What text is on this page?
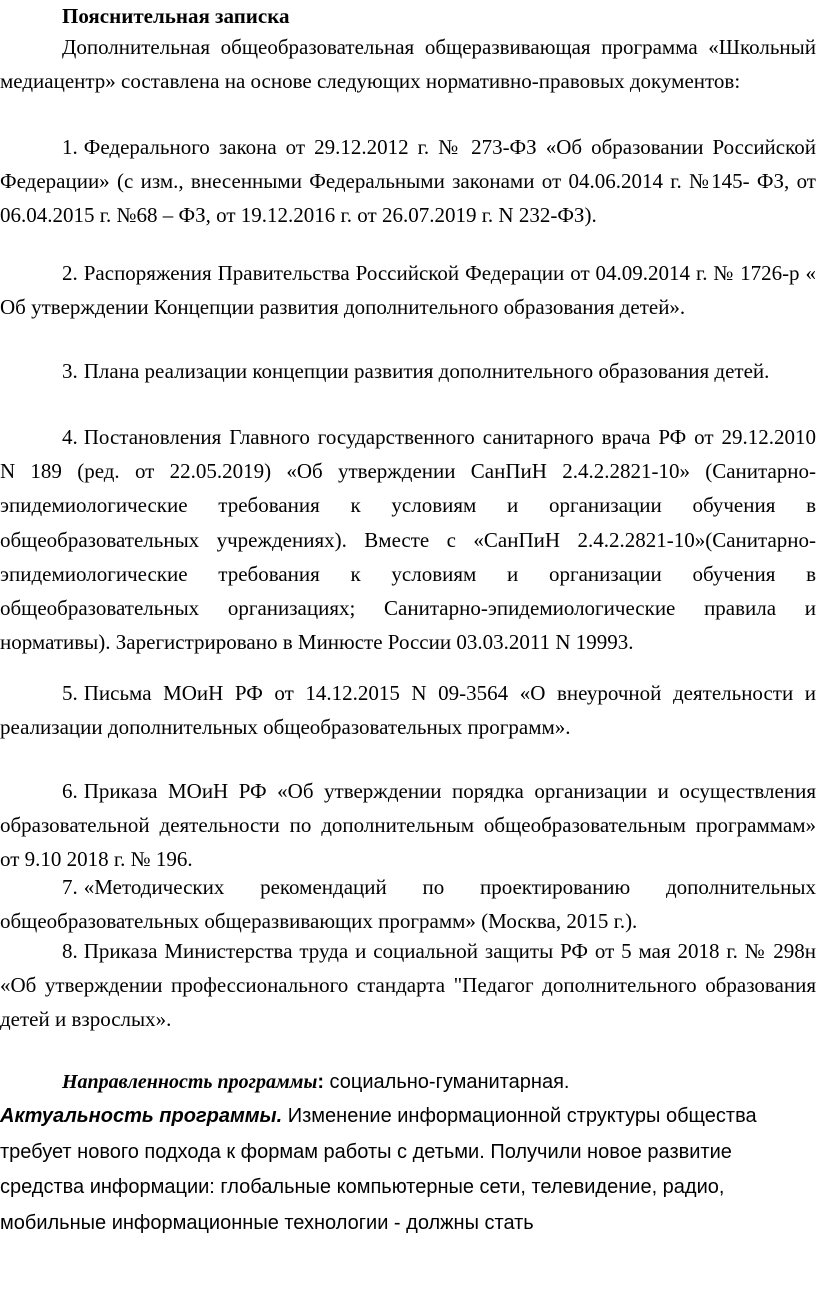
Пояснительная записка

Дополнительная общеобразовательная общеразвивающая программа «Школьный медиацентр» составлена на основе следующих нормативно-правовых документов:

1. Федерального закона от 29.12.2012 г. № 273-ФЗ «Об образовании Российской Федерации» (с изм., внесенными Федеральными законами от 04.06.2014 г. №145- ФЗ, от 06.04.2015 г. №68 – ФЗ, от 19.12.2016 г. от 26.07.2019 г. N 232-ФЗ).

2. Распоряжения Правительства Российской Федерации от 04.09.2014 г. № 1726-р « Об утверждении Концепции развития дополнительного образования детей».

3. Плана реализации концепции развития дополнительного образования детей.

4. Постановления Главного государственного санитарного врача РФ от 29.12.2010 N 189 (ред. от 22.05.2019) «Об утверждении СанПиН 2.4.2.2821-10» (Санитарно-эпидемиологические требования к условиям и организации обучения в общеобразовательных учреждениях). Вместе с «СанПиН 2.4.2.2821-10»(Санитарно-эпидемиологические требования к условиям и организации обучения в общеобразовательных организациях; Санитарно-эпидемиологические правила и нормативы). Зарегистрировано в Минюсте России 03.03.2011 N 19993.

5. Письма МОиН РФ от 14.12.2015 N 09-3564 «О внеурочной деятельности и реализации дополнительных общеобразовательных программ».

6. Приказа МОиН РФ «Об утверждении порядка организации и осуществления образовательной деятельности по дополнительным общеобразовательным программам» от 9.10 2018 г. № 196.

7. «Методических рекомендаций по проектированию дополнительных общеобразовательных общеразвивающих программ» (Москва, 2015 г.).

8. Приказа Министерства труда и социальной защиты РФ от 5 мая 2018 г. № 298н «Об утверждении профессионального стандарта "Педагог дополнительного образования детей и взрослых».

Направленность программы: социально-гуманитарная.

Актуальность программы. Изменение информационной структуры общества требует нового подхода к формам работы с детьми. Получили новое развитие средства информации: глобальные компьютерные сети, телевидение, радио, мобильные информационные технологии - должны стать
